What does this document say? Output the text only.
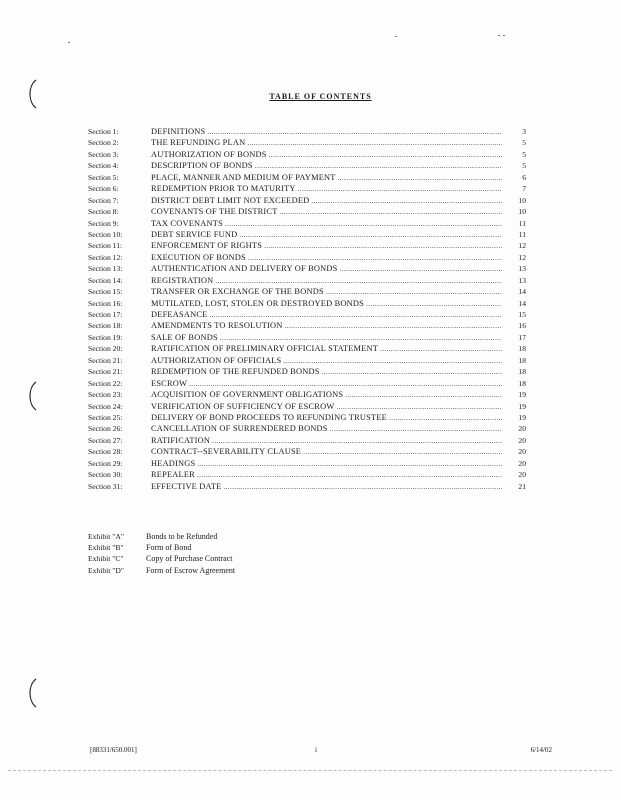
TABLE OF CONTENTS
Section 1:	DEFINITIONS .....	3
Section 2:	THE REFUNDING PLAN .....	5
Section 3:	AUTHORIZATION OF BONDS .....	5
Section 4:	DESCRIPTION OF BONDS .....	5
Section 5:	PLACE, MANNER AND MEDIUM OF PAYMENT .....	6
Section 6:	REDEMPTION PRIOR TO MATURITY .....	7
Section 7:	DISTRICT DEBT LIMIT NOT EXCEEDED .....	10
Section 8:	COVENANTS OF THE DISTRICT .....	10
Section 9:	TAX COVENANTS .....	11
Section 10:	DEBT SERVICE FUND .....	11
Section 11:	ENFORCEMENT OF RIGHTS .....	12
Section 12:	EXECUTION OF BONDS .....	12
Section 13:	AUTHENTICATION AND DELIVERY OF BONDS .....	13
Section 14:	REGISTRATION .....	13
Section 15:	TRANSFER OR EXCHANGE OF THE BONDS .....	14
Section 16:	MUTILATED, LOST, STOLEN OR DESTROYED BONDS .....	14
Section 17:	DEFEASANCE .....	15
Section 18:	AMENDMENTS TO RESOLUTION .....	16
Section 19:	SALE OF BONDS .....	17
Section 20:	RATIFICATION OF PRELIMINARY OFFICIAL STATEMENT .....	18
Section 21:	AUTHORIZATION OF OFFICIALS .....	18
Section 21:	REDEMPTION OF THE REFUNDED BONDS .....	18
Section 22:	ESCROW .....	18
Section 23:	ACQUISITION OF GOVERNMENT OBLIGATIONS .....	19
Section 24:	VERIFICATION OF SUFFICIENCY OF ESCROW .....	19
Section 25:	DELIVERY OF BOND PROCEEDS TO REFUNDING TRUSTEE .....	19
Section 26:	CANCELLATION OF SURRENDERED BONDS .....	20
Section 27:	RATIFICATION .....	20
Section 28:	CONTRACT--SEVERABILITY CLAUSE .....	20
Section 29:	HEADINGS .....	20
Section 30:	REPEALER .....	20
Section 31:	EFFECTIVE DATE .....	21
Exhibit "A"	Bonds to be Refunded
Exhibit "B"	Form of Bond
Exhibit "C"	Copy of Purchase Contract
Exhibit "D"	Form of Escrow Agreement
[88331/650.001]	i	6/14/02
